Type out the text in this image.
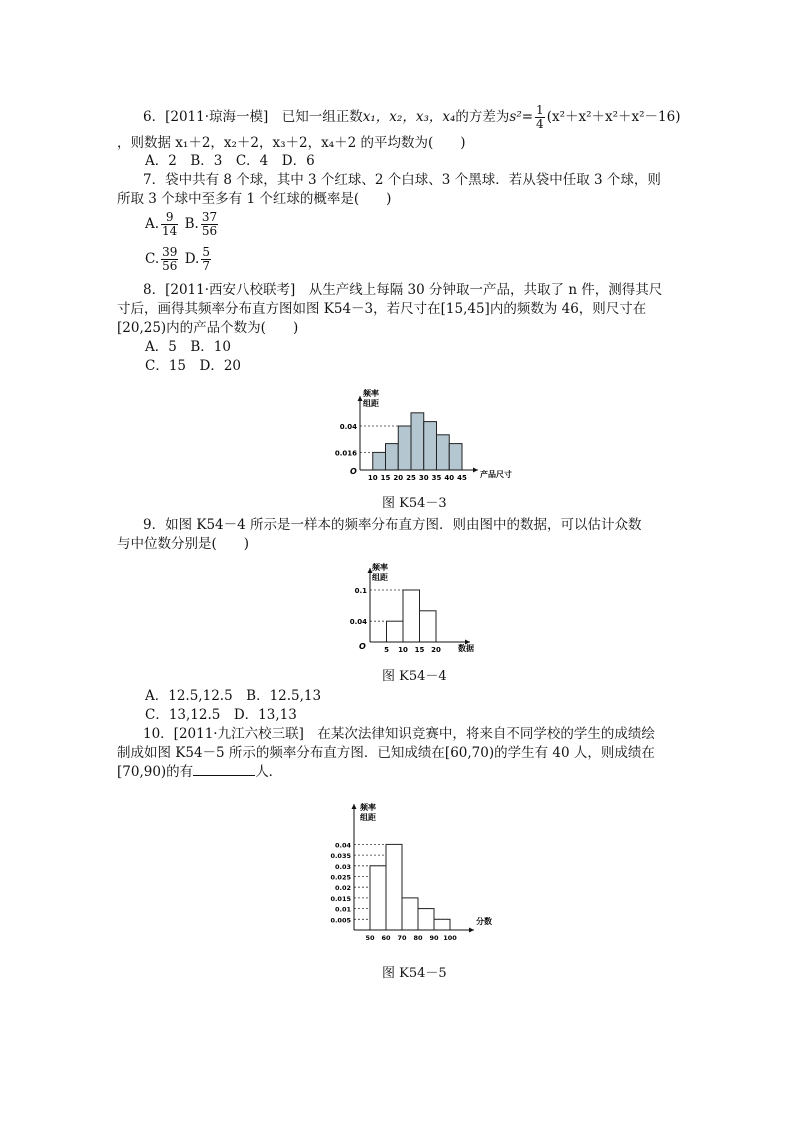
6．[2011·琼海一模]　已知一组正数x₁，x₂，x₃，x₄的方差为$s^2= \frac{1}{4} (x^2+x^2+x^2+x^2-16)$
，则数据 x₁＋2，x₂＋2，x₃＋2，x₄＋2 的平均数为(　　)
A．2　B．3　C．4　D．6
7．袋中共有 8 个球，其中 3 个红球、2 个白球、3 个黑球．若从袋中任取 3 个球，则
所取 3 个球中至多有 1 个红球的概率是(　　)
A. $\frac{9}{14} B$. $\frac{37}{56}$
C. $\frac{39}{56} D$. $\frac{5}{7}$
8．[2011·西安八校联考]　从生产线上每隔 30 分钟取一产品，共取了 n 件，测得其尺
寸后，画得其频率分布直方图如图 K54－3，若尺寸在[15,45]内的频数为 46，则尺寸在
[20,25)内的产品个数为(　　)
A．5　B．10
C．15　D．20
频率
组距
产品尺寸
O
0.04
0.016
10 15 20 25 30 35 40 45
图 K54－3
9．如图 K54－4 所示是一样本的频率分布直方图．则由图中的数据，可以估计众数
与中位数分别是(　　)
频率
组距
数据
O
0.1
0.04
5 10 15 20
图 K54－4
A．12.5,12.5　B．12.5,13
C．13,12.5　D．13,13
10．[2011·九江六校三联]　在某次法律知识竞赛中，将来自不同学校的学生的成绩绘
制成如图 K54－5 所示的频率分布直方图．已知成绩在[60,70)的学生有 40 人，则成绩在
[70,90)的有	人．
频率
组距
分数
0.04
0.035
0.03
0.025
0.02
0.015
0.01
0.005
50 60 70 80 90 100
图 K54－5
